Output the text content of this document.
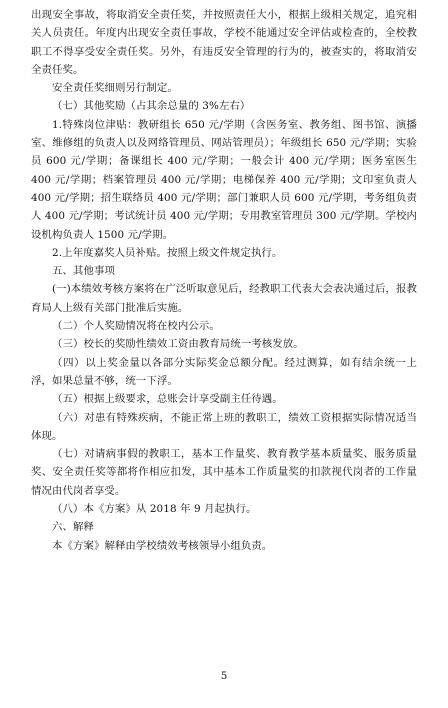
出现安全事故，将取消安全责任奖，并按照责任大小，根据上级相关规定，追究相关人员责任。年度内出现安全责任事故，学校不能通过安全评估或检查的，全校教职工不得享受安全责任奖。另外，有违反安全管理的行为的，被查实的，将取消安全责任奖。

安全责任奖细则另行制定。

（七）其他奖励（占其余总量的 3%左右）

1.特殊岗位津贴：教研组长 650 元/学期（含医务室、教务组、图书馆、演播室、维修组的负责人以及网络管理员、网站管理员）；年级组长 650 元/学期；实验员 600 元/学期；备课组长 400 元/学期；一般会计 400 元/学期；医务室医生 400 元/学期；档案管理员 400 元/学期；电梯保养 400 元/学期；文印室负责人 400 元/学期；招生联络员 400 元/学期；部门兼职人员 600 元/学期，考务组负责人 400 元/学期；考试统计员 400 元/学期；专用教室管理员 300 元/学期。学校内设机构负责人 1500 元/学期。

2.上年度嘉奖人员补贴。按照上级文件规定执行。

五、其他事项

(一)本绩效考核方案将在广泛听取意见后，经教职工代表大会表决通过后，报教育局人上级有关部门批准后实施。

（二）个人奖励情况将在校内公示。

（三）校长的奖励性绩效工资由教育局统一考核发放。

（四）以上奖金量以各部分实际奖金总额分配。经过测算，如有结余统一上浮，如果总量不够，统一下浮。

（五）根据上级要求，总账会计享受副主任待遇。

（六）对患有特殊疾病，不能正常上班的教职工，绩效工资根据实际情况适当体现。

（七）对请病事假的教职工，基本工作量奖、教育教学基本质量奖、服务质量奖、安全责任奖等都将作相应扣发，其中基本工作质量奖的扣款视代岗者的工作量情况由代岗者享受。

（八）本《方案》从 2018 年 9 月起执行。

六、解释

本《方案》解释由学校绩效考核领导小组负责。

5
